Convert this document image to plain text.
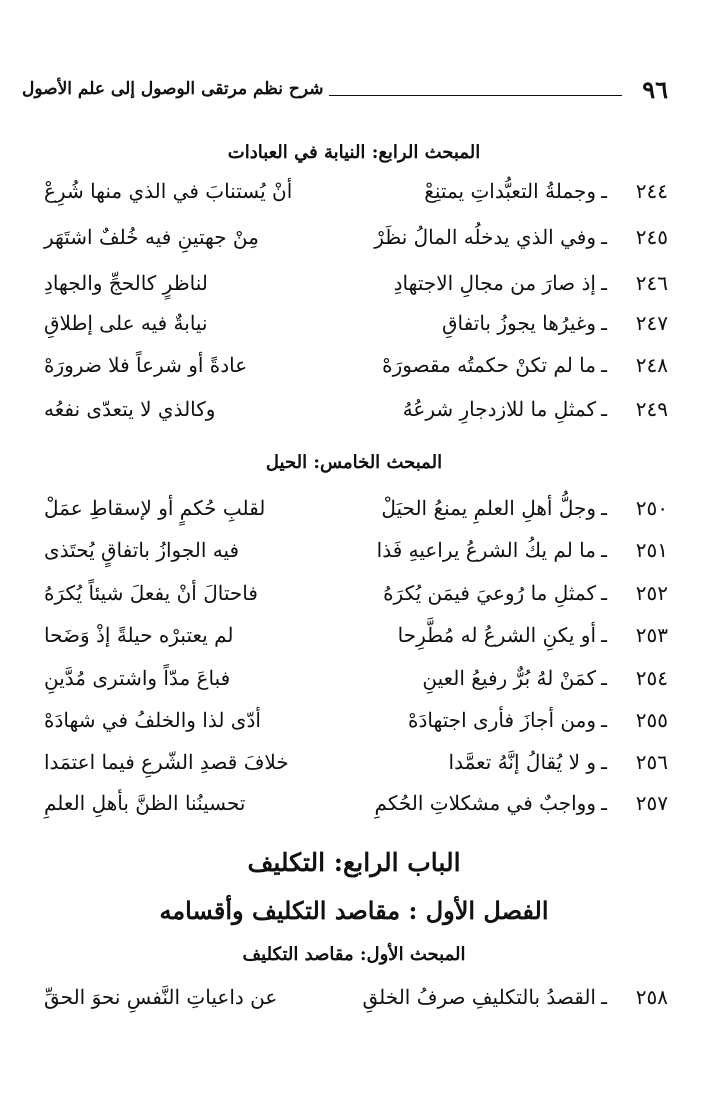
٩٦
شرح نظم مرتقى الوصول إلى علم الأصول
المبحث الرابع: النيابة في العبادات
٢٤٤
ـ
وجملةُ التعبُّداتِ يمتنِعْ
أنْ يُستنابَ في الذي منها شُرِعْ
٢٤٥
ـ
وفي الذي يدخلُه المالُ نظَرْ
مِنْ جهتينِ فيه خُلفٌ اشتَهَر
٢٤٦
ـ
إذ صارَ من مجالِ الاجتهادِ
لناظرٍ كالحجِّ والجهادِ
٢٤٧
ـ
وغيرُها يجوزُ باتفاقِ
نيابةٌ فيه على إطلاقِ
٢٤٨
ـ
ما لم تكنْ حكمتُه مقصورَهْ
عادةً أو شرعاً فلا ضرورَهْ
٢٤٩
ـ
كمثلِ ما للازدجارِ شرعُهُ
وكالذي لا يتعدّى نفعُه
المبحث الخامس: الحيل
٢٥٠
ـ
وجلُّ أهلِ العلمِ يمنعُ الحيَلْ
لقلبِ حُكمٍ أو لإسقاطِ عمَلْ
٢٥١
ـ
ما لم يكُ الشرعُ يراعيهِ فَذا
فيه الجوازُ باتفاقٍ يُحتَذى
٢٥٢
ـ
كمثلِ ما رُوعيَ فيمَن يُكرَهُ
فاحتالَ أنْ يفعلَ شيئاً يُكرَهُ
٢٥٣
ـ
أو يكنِ الشرعُ له مُطَّرِحا
لم يعتبرْه حيلةً إذْ وَضَحا
٢٥٤
ـ
كمَنْ لهُ بُرٌّ رفيعُ العينِ
فباعَ مدّاً واشترى مُدَّينِ
٢٥٥
ـ
ومن أجازَ فأرى اجتهادَهْ
أدّى لذا والخلفُ في شهادَهْ
٢٥٦
ـ
و لا يُقالُ إنَّهُ تعمَّدا
خلافَ قصدِ الشّرعِ فيما اعتمَدا
٢٥٧
ـ
وواجبٌ في مشكلاتِ الحُكمِ
تحسينُنا الظنَّ بأهلِ العلمِ
الباب الرابع: التكليف
الفصل الأول : مقاصد التكليف وأقسامه
المبحث الأول: مقاصد التكليف
٢٥٨
ـ
القصدُ بالتكليفِ صرفُ الخلقِ
عن داعياتِ النَّفسِ نحوَ الحقِّ
